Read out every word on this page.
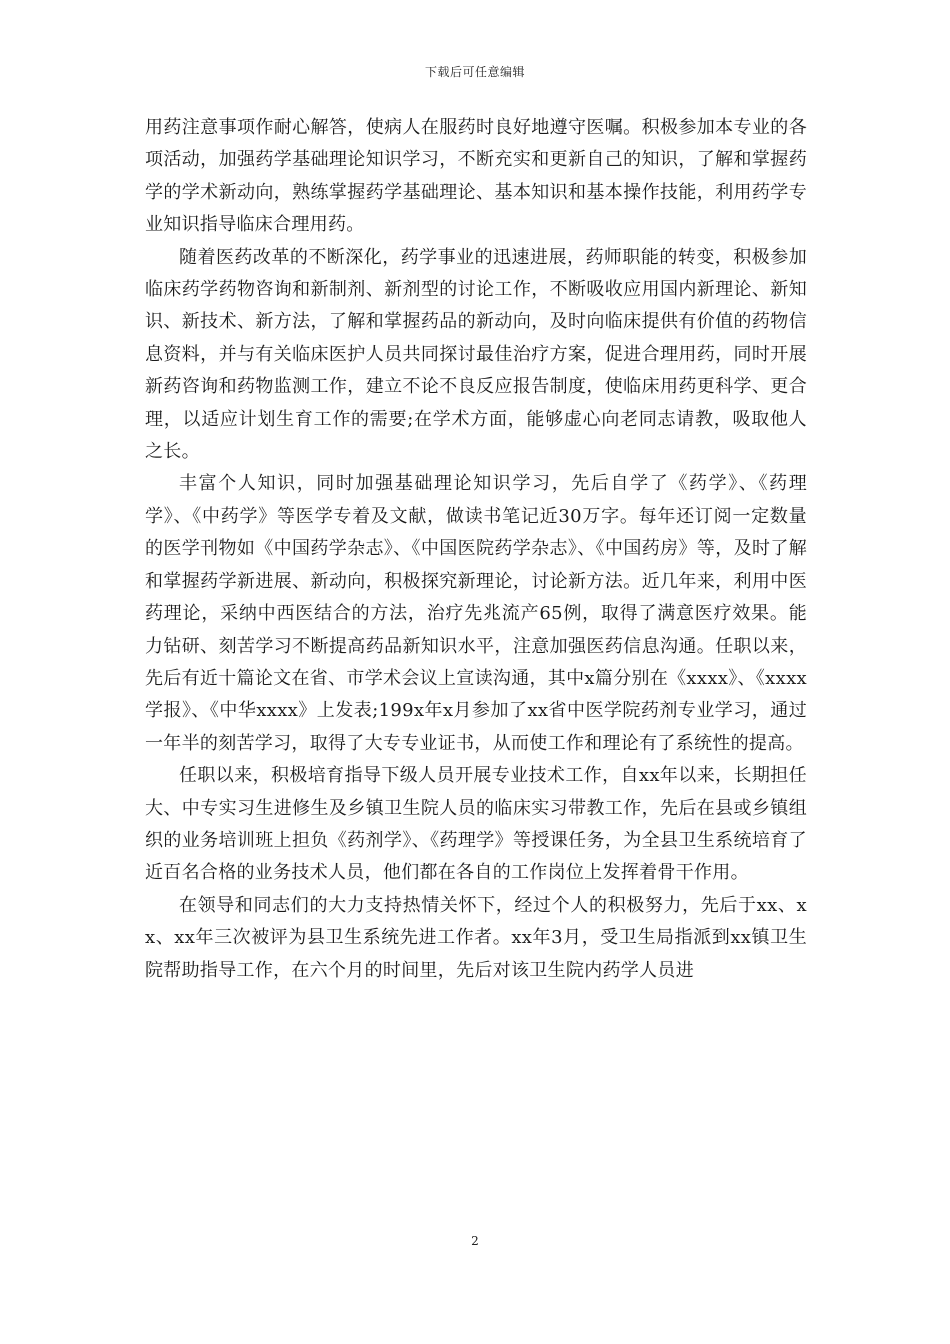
下载后可任意编辑

用药注意事项作耐心解答，使病人在服药时良好地遵守医嘱。积极参加本专业的各项活动，加强药学基础理论知识学习，不断充实和更新自己的知识，了解和掌握药学的学术新动向，熟练掌握药学基础理论、基本知识和基本操作技能，利用药学专业知识指导临床合理用药。

随着医药改革的不断深化，药学事业的迅速进展，药师职能的转变，积极参加临床药学药物咨询和新制剂、新剂型的讨论工作，不断吸收应用国内新理论、新知识、新技术、新方法，了解和掌握药品的新动向，及时向临床提供有价值的药物信息资料，并与有关临床医护人员共同探讨最佳治疗方案，促进合理用药，同时开展新药咨询和药物监测工作，建立不论不良反应报告制度，使临床用药更科学、更合理，以适应计划生育工作的需要;在学术方面，能够虚心向老同志请教，吸取他人之长。

丰富个人知识，同时加强基础理论知识学习，先后自学了《药学》、《药理学》、《中药学》等医学专着及文献，做读书笔记近30万字。每年还订阅一定数量的医学刊物如《中国药学杂志》、《中国医院药学杂志》、《中国药房》等，及时了解和掌握药学新进展、新动向，积极探究新理论，讨论新方法。近几年来，利用中医药理论，采纳中西医结合的方法，治疗先兆流产65例，取得了满意医疗效果。能力钻研、刻苦学习不断提高药品新知识水平，注意加强医药信息沟通。任职以来，先后有近十篇论文在省、市学术会议上宣读沟通，其中x篇分别在《xxxx》、《xxxx学报》、《中华xxxx》上发表;199x年x月参加了xx省中医学院药剂专业学习，通过一年半的刻苦学习，取得了大专专业证书，从而使工作和理论有了系统性的提高。

任职以来，积极培育指导下级人员开展专业技术工作，自xx年以来，长期担任大、中专实习生进修生及乡镇卫生院人员的临床实习带教工作，先后在县或乡镇组织的业务培训班上担负《药剂学》、《药理学》等授课任务，为全县卫生系统培育了近百名合格的业务技术人员，他们都在各自的工作岗位上发挥着骨干作用。

在领导和同志们的大力支持热情关怀下，经过个人的积极努力，先后于xx、xx、xx年三次被评为县卫生系统先进工作者。xx年3月，受卫生局指派到xx镇卫生院帮助指导工作，在六个月的时间里，先后对该卫生院内药学人员进

2
